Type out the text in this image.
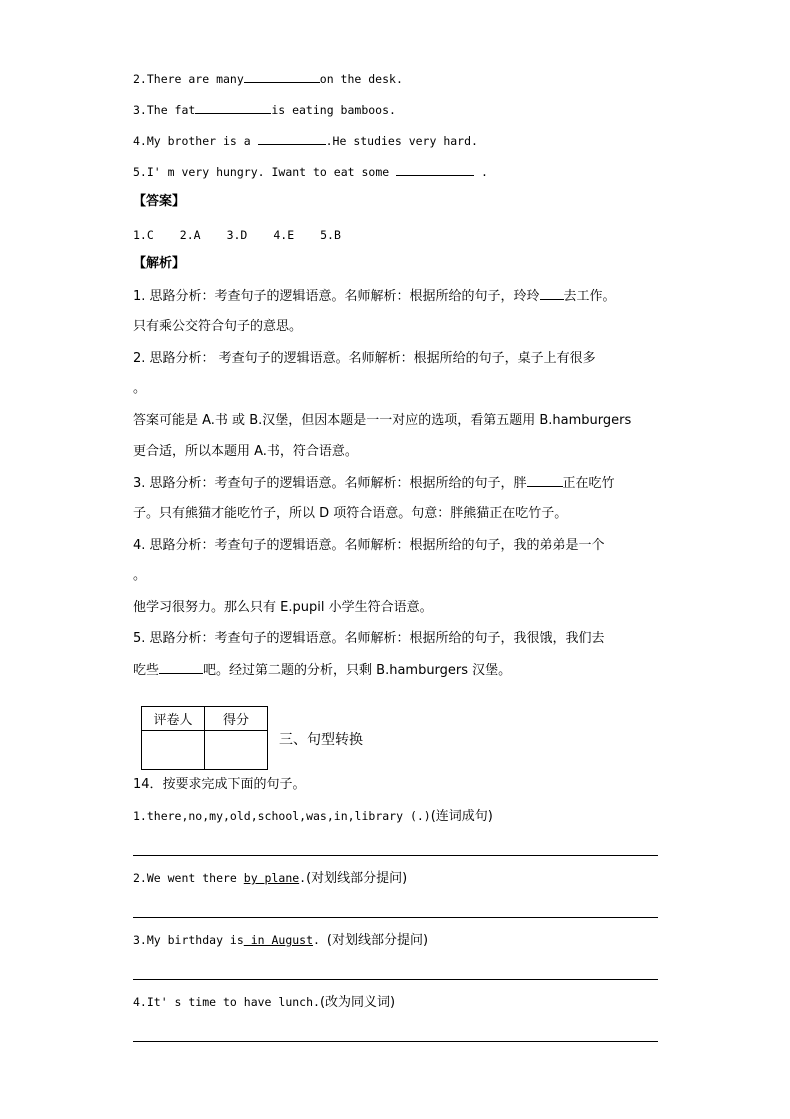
2.There are many	on the desk.
3.The fat	is eating bamboos.
4.My brother is a	.He studies very hard.
5.I' m very hungry. Iwant to eat some	.
【答案】
1.C 2.A 3.D 4.E 5.B
【解析】
1. 思路分析：考查句子的逻辑语意。名师解析：根据所给的句子，玲玲 去工作。
只有乘公交符合句子的意思。
2. 思路分析： 考查句子的逻辑语意。名师解析：根据所给的句子，桌子上有很多
。
答案可能是 A.书 或 B.汉堡，但因本题是一一对应的选项，看第五题用 B.hamburgers
更合适，所以本题用 A.书，符合语意。
3. 思路分析：考查句子的逻辑语意。名师解析：根据所给的句子，胖	正在吃竹
子。只有熊猫才能吃竹子，所以 D 项符合语意。句意：胖熊猫正在吃竹子。
4. 思路分析：考查句子的逻辑语意。名师解析：根据所给的句子，我的弟弟是一个
。
他学习很努力。那么只有 E.pupil 小学生符合语意。
5. 思路分析：考查句子的逻辑语意。名师解析：根据所给的句子，我很饿，我们去
吃些	吧。经过第二题的分析，只剩 B.hamburgers 汉堡。
评卷人	得分

三、句型转换
14．按要求完成下面的句子。
1.there,no,my,old,school,was,in,library (.)(连词成句)
2.We went there by plane.(对划线部分提问)
3.My birthday is in August. (对划线部分提问)
4.It' s time to have lunch.(改为同义词)
